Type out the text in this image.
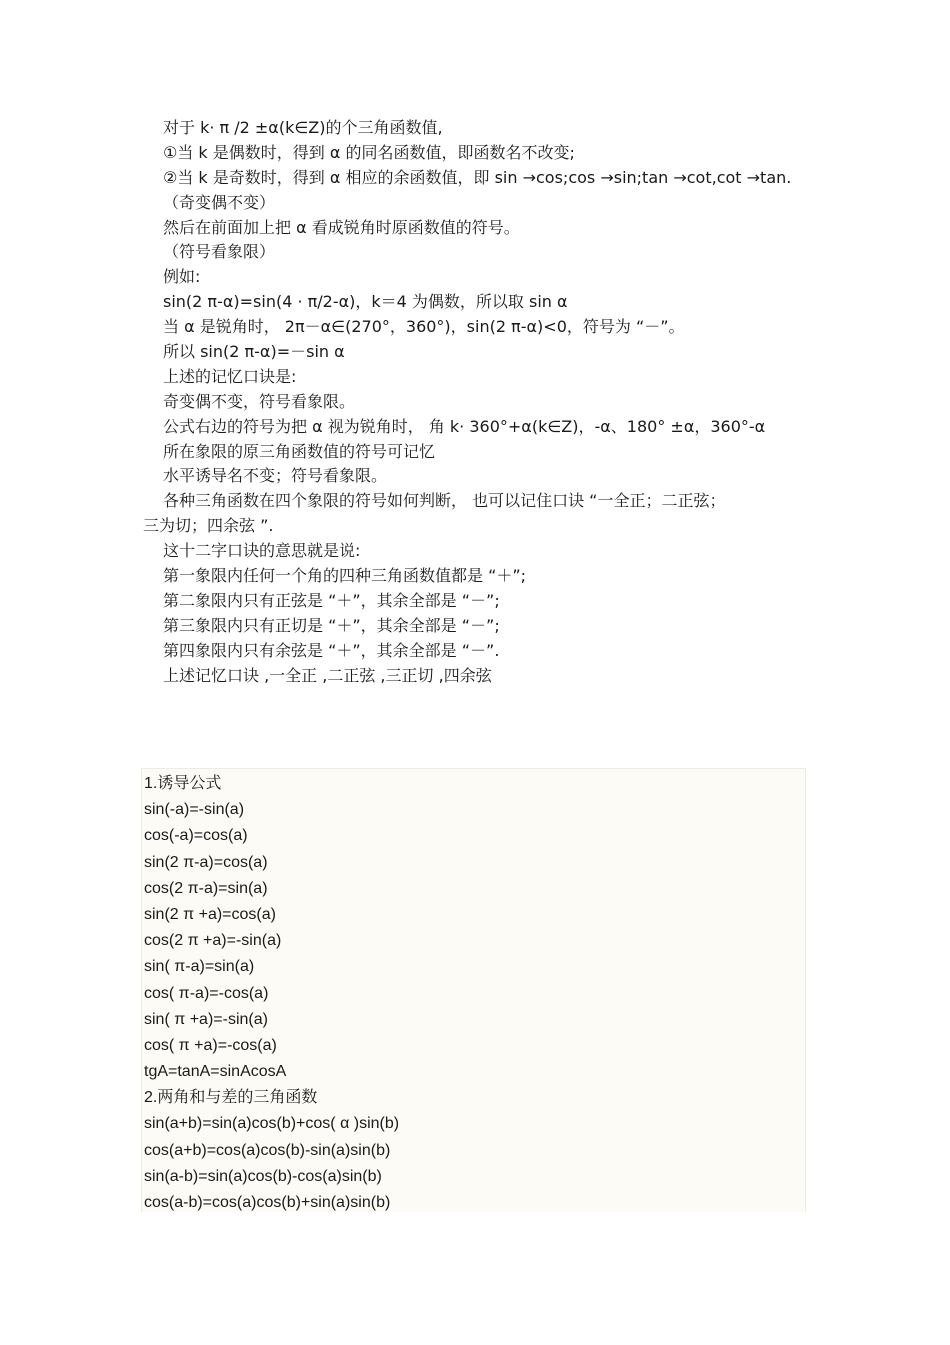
对于 k· π /2 ±α(k∈Z)的个三角函数值,
①当 k 是偶数时，得到 α 的同名函数值，即函数名不改变;
②当 k 是奇数时，得到 α 相应的余函数值，即 sin →cos;cos →sin;tan →cot,cot →tan.
（奇变偶不变）
然后在前面加上把 α 看成锐角时原函数值的符号。
（符号看象限）
例如:
sin(2 π-α)=sin(4 · π/2-α)，k＝4 为偶数，所以取 sin α
当 α 是锐角时， 2π－α∈(270°，360°)，sin(2 π-α)<0，符号为 “－”。
所以 sin(2 π-α)=－sin α
上述的记忆口诀是:
奇变偶不变，符号看象限。
公式右边的符号为把 α 视为锐角时， 角 k· 360°+α(k∈Z)，-α、180° ±α，360°-α
所在象限的原三角函数值的符号可记忆
水平诱导名不变；符号看象限。
各种三角函数在四个象限的符号如何判断， 也可以记住口诀 “一全正；二正弦；
三为切；四余弦 ”.
这十二字口诀的意思就是说:
第一象限内任何一个角的四种三角函数值都是 “＋”;
第二象限内只有正弦是 “＋”，其余全部是 “－”;
第三象限内只有正切是 “＋”，其余全部是 “－”;
第四象限内只有余弦是 “＋”，其余全部是 “－”.
上述记忆口诀 ,一全正 ,二正弦 ,三正切 ,四余弦
1.诱导公式
sin(-a)=-sin(a)
cos(-a)=cos(a)
sin(2 π-a)=cos(a)
cos(2 π-a)=sin(a)
sin(2 π +a)=cos(a)
cos(2 π +a)=-sin(a)
sin( π-a)=sin(a)
cos( π-a)=-cos(a)
sin( π +a)=-sin(a)
cos( π +a)=-cos(a)
tgA=tanA=sinAcosA
2.两角和与差的三角函数
sin(a+b)=sin(a)cos(b)+cos( α )sin(b)
cos(a+b)=cos(a)cos(b)-sin(a)sin(b)
sin(a-b)=sin(a)cos(b)-cos(a)sin(b)
cos(a-b)=cos(a)cos(b)+sin(a)sin(b)
